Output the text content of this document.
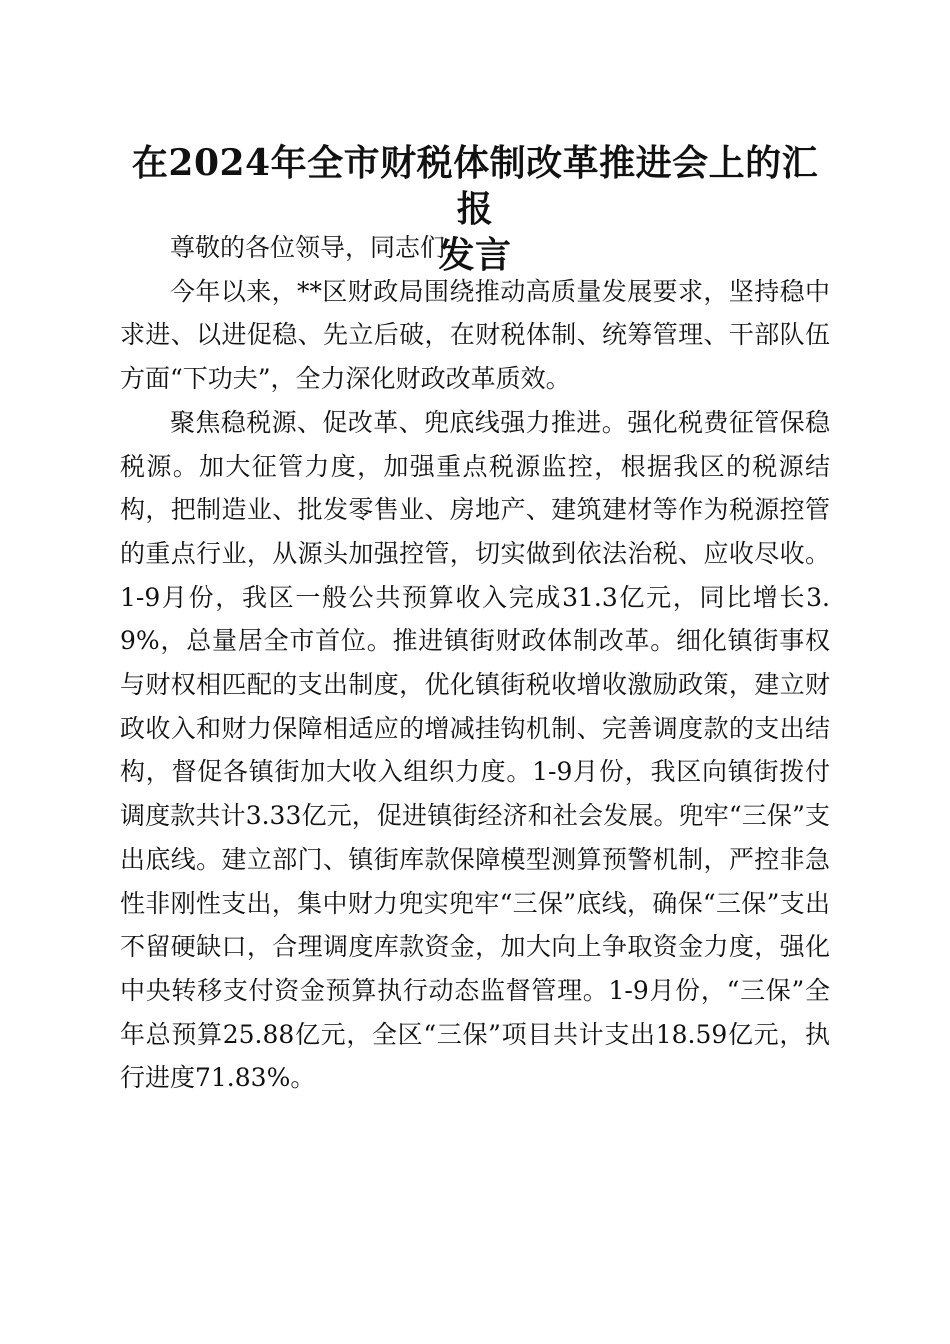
在2024年全市财税体制改革推进会上的汇报
发言

尊敬的各位领导，同志们:

今年以来，**区财政局围绕推动高质量发展要求，坚持稳中求进、以进促稳、先立后破，在财税体制、统筹管理、干部队伍方面“下功夫”，全力深化财政改革质效。

聚焦稳税源、促改革、兜底线强力推进。强化税费征管保稳税源。加大征管力度，加强重点税源监控，根据我区的税源结构，把制造业、批发零售业、房地产、建筑建材等作为税源控管的重点行业，从源头加强控管，切实做到依法治税、应收尽收。1-9月份，我区一般公共预算收入完成31.3亿元，同比增长3.9%，总量居全市首位。推进镇街财政体制改革。细化镇街事权与财权相匹配的支出制度，优化镇街税收增收激励政策，建立财政收入和财力保障相适应的增减挂钩机制、完善调度款的支出结构，督促各镇街加大收入组织力度。1-9月份，我区向镇街拨付调度款共计3.33亿元，促进镇街经济和社会发展。兜牢“三保”支出底线。建立部门、镇街库款保障模型测算预警机制，严控非急性非刚性支出，集中财力兜实兜牢“三保”底线，确保“三保”支出不留硬缺口，合理调度库款资金，加大向上争取资金力度，强化中央转移支付资金预算执行动态监督管理。1-9月份，“三保”全年总预算25.88亿元，全区“三保”项目共计支出18.59亿元，执行进度71.83%。
